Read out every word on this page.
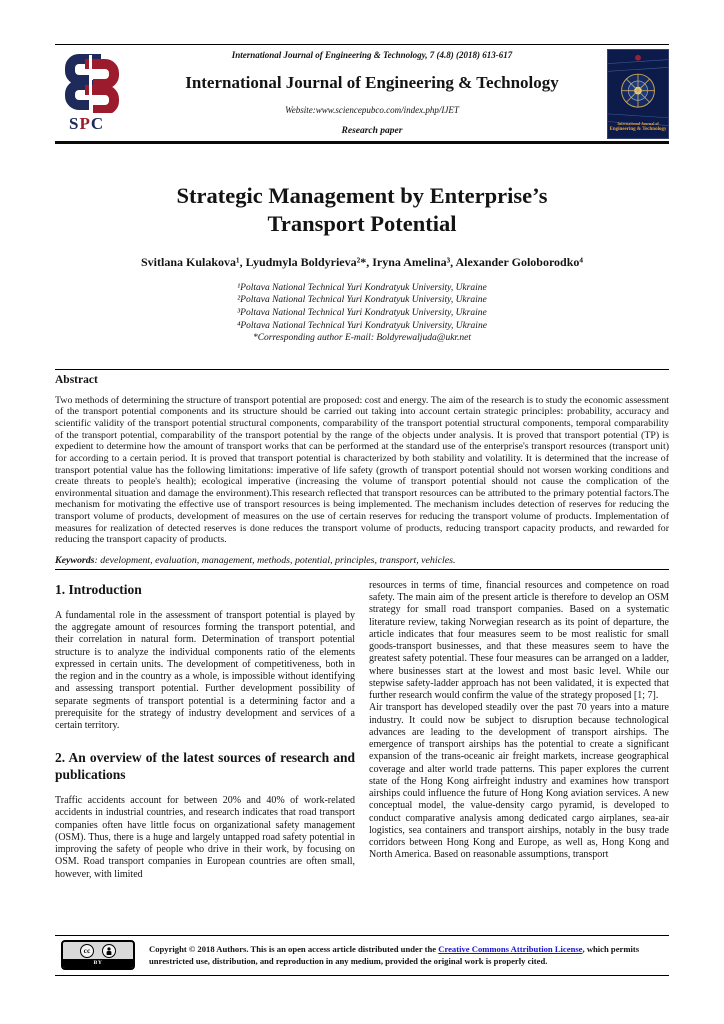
SPC
International Journal of Engineering & Technology, 7 (4.8) (2018) 613-617
International Journal of Engineering & Technology
Website:www.sciencepubco.com/index.php/IJET
Research paper
International Journal of
Engineering & Technology
Strategic Management by Enterprise’s Transport Potential
Svitlana Kulakova¹, Lyudmyla Boldyrieva²*, Iryna Amelina³, Alexander Goloborodko⁴
¹Poltava National Technical Yuri Kondratyuk University, Ukraine
²Poltava National Technical Yuri Kondratyuk University, Ukraine
³Poltava National Technical Yuri Kondratyuk University, Ukraine
⁴Poltava National Technical Yuri Kondratyuk University, Ukraine
*Corresponding author E-mail: Boldyrewaljuda@ukr.net
Abstract

Two methods of determining the structure of transport potential are proposed: cost and energy. The aim of the research is to study the economic assessment of the transport potential components and its structure should be carried out taking into account certain strategic principles: probability, accuracy and scientific validity of the transport potential structural components, comparability of the transport potential structural components, temporal comparability of the transport potential, comparability of the transport potential by the range of the objects under analysis. It is proved that transport potential (TP) is expedient to determine how the amount of transport works that can be performed at the standard use of the enterprise's transport resources (transport unit) for according to a certain period. It is proved that transport potential is characterized by both stability and volatility. It is determined that the increase of transport potential value has the following limitations: imperative of life safety (growth of transport potential should not worsen working conditions and create threats to people's health); ecological imperative (increasing the volume of transport potential should not cause the complication of the environmental situation and damage the environment).This research reflected that transport resources can be attributed to the primary potential factors.The mechanism for motivating the effective use of transport resources is being implemented. The mechanism includes detection of reserves for reducing the transport volume of products, development of measures on the use of certain reserves for reducing the transport volume of products. Implementation of measures for realization of detected reserves is done reduces the transport volume of products, reducing transport capacity products, and rewarded for reducing the transport capacity of products.

Keywords: development, evaluation, management, methods, potential, principles, transport, vehicles.
1. Introduction

A fundamental role in the assessment of transport potential is played by the aggregate amount of resources forming the transport potential, and their correlation in natural form. Determination of transport potential structure is to analyze the individual components ratio of the elements expressed in certain units. The development of competitiveness, both in the region and in the country as a whole, is impossible without identifying and assessing transport potential. Further development possibility of separate segments of transport potential is a determining factor and a prerequisite for the strategy of industry development and services of a certain territory.

2. An overview of the latest sources of research and publications

Traffic accidents account for between 20% and 40% of work-related accidents in industrial countries, and research indicates that road transport companies often have little focus on organizational safety management (OSM). Thus, there is a huge and largely untapped road safety potential in improving the safety of people who drive in their work, by focusing on OSM. Road transport companies in European countries are often small, however, with limited

resources in terms of time, financial resources and competence on road safety. The main aim of the present article is therefore to develop an OSM strategy for small road transport companies. Based on a systematic literature review, taking Norwegian research as its point of departure, the article indicates that four measures seem to be most realistic for small goods-transport businesses, and that these measures seem to have the greatest safety potential. These four measures can be arranged on a ladder, where businesses start at the lowest and most basic level. While our stepwise safety-ladder approach has not been validated, it is expected that further research would confirm the value of the strategy proposed [1; 7].

Air transport has developed steadily over the past 70 years into a mature industry. It could now be subject to disruption because technological advances are leading to the development of transport airships. The emergence of transport airships has the potential to create a significant expansion of the trans-oceanic air freight markets, increase geographical coverage and alter world trade patterns. This paper explores the current state of the Hong Kong airfreight industry and examines how transport airships could influence the future of Hong Kong aviation services. A new conceptual model, the value-density cargo pyramid, is developed to conduct comparative analysis among dedicated cargo airplanes, sea-air logistics, sea containers and transport airships, notably in the busy trade corridors between Hong Kong and Europe, as well as, Hong Kong and North America. Based on reasonable assumptions, transport

cc
BY
Copyright © 2018 Authors. This is an open access article distributed under the Creative Commons Attribution License, which permits unrestricted use, distribution, and reproduction in any medium, provided the original work is properly cited.
